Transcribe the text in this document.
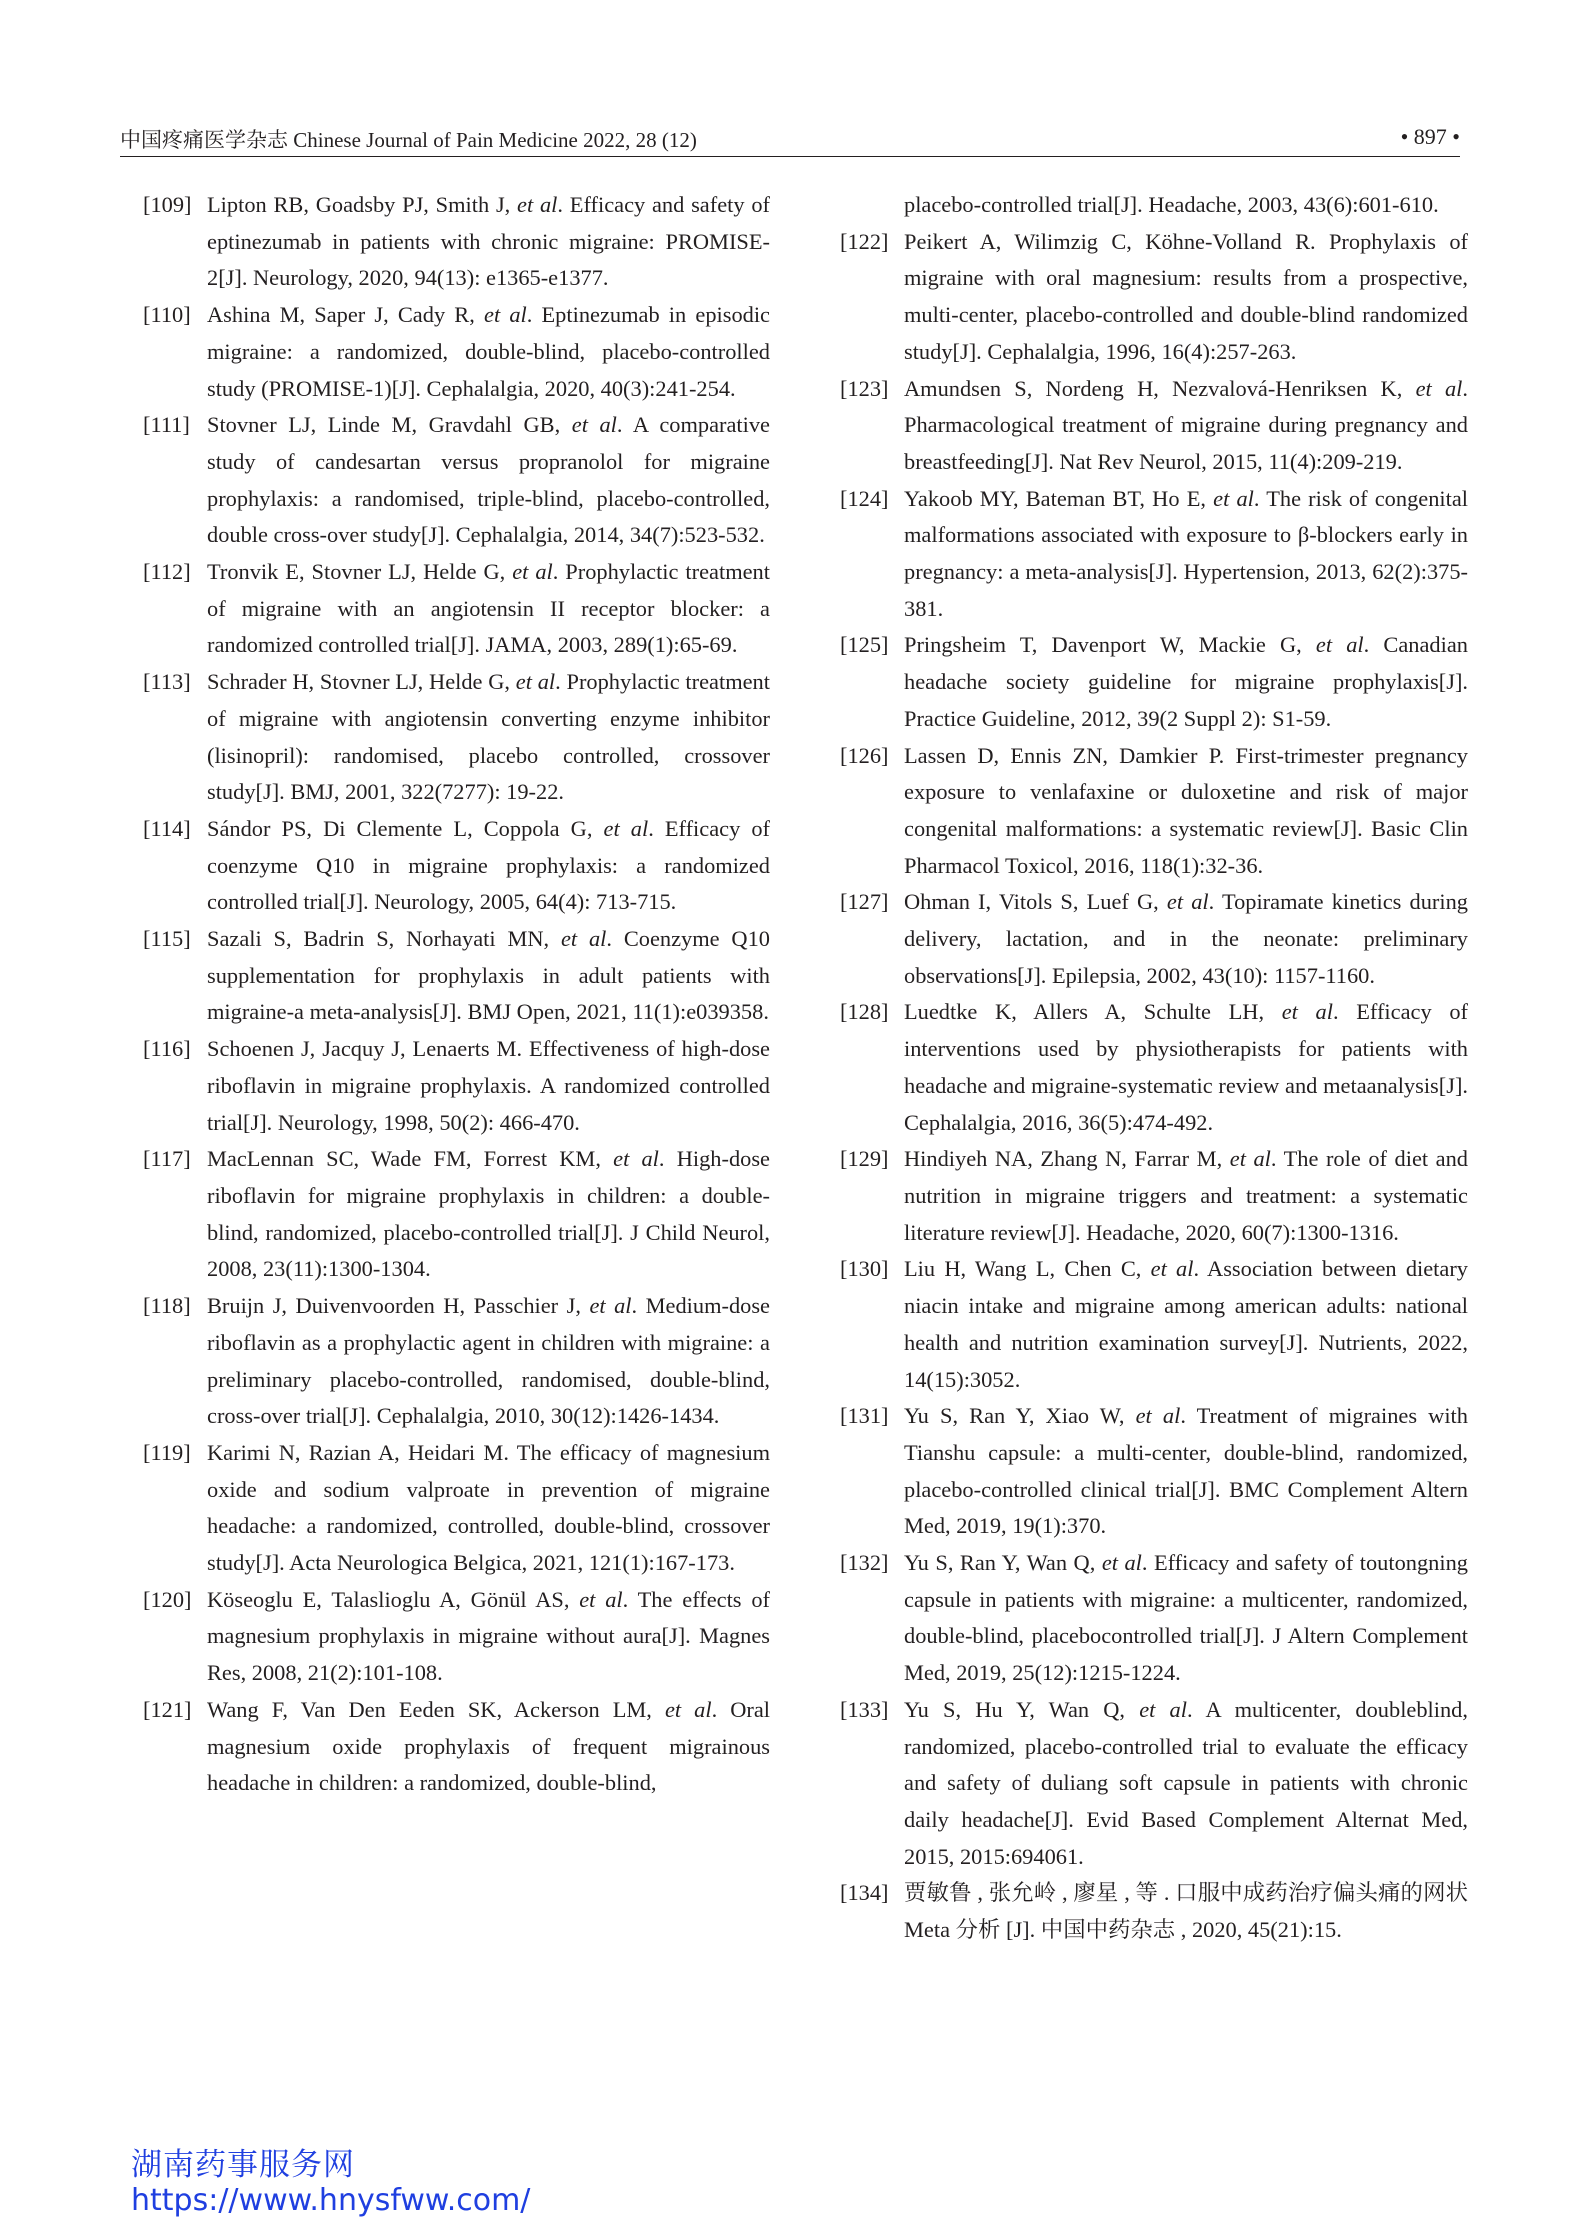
中国疼痛医学杂志 Chinese Journal of Pain Medicine 2022, 28 (12)	• 897 •
[109] Lipton RB, Goadsby PJ, Smith J, et al. Efficacy and safety of eptinezumab in patients with chronic migraine: PROMISE-2[J]. Neurology, 2020, 94(13): e1365-e1377.
[110] Ashina M, Saper J, Cady R, et al. Eptinezumab in episodic migraine: a randomized, double-blind, placebo-controlled study (PROMISE-1)[J]. Cephalalgia, 2020, 40(3):241-254.
[111] Stovner LJ, Linde M, Gravdahl GB, et al. A comparative study of candesartan versus propranolol for migraine prophylaxis: a randomised, triple-blind, placebo-controlled, double cross-over study[J]. Cephalalgia, 2014, 34(7):523-532.
[112] Tronvik E, Stovner LJ, Helde G, et al. Prophylactic treatment of migraine with an angiotensin II receptor blocker: a randomized controlled trial[J]. JAMA, 2003, 289(1):65-69.
[113] Schrader H, Stovner LJ, Helde G, et al. Prophylactic treatment of migraine with angiotensin converting enzyme inhibitor (lisinopril): randomised, placebo controlled, crossover study[J]. BMJ, 2001, 322(7277): 19-22.
[114] Sándor PS, Di Clemente L, Coppola G, et al. Efficacy of coenzyme Q10 in migraine prophylaxis: a randomized controlled trial[J]. Neurology, 2005, 64(4): 713-715.
[115] Sazali S, Badrin S, Norhayati MN, et al. Coenzyme Q10 supplementation for prophylaxis in adult patients with migraine-a meta-analysis[J]. BMJ Open, 2021, 11(1):e039358.
[116] Schoenen J, Jacquy J, Lenaerts M. Effectiveness of high-dose riboflavin in migraine prophylaxis. A randomized controlled trial[J]. Neurology, 1998, 50(2): 466-470.
[117] MacLennan SC, Wade FM, Forrest KM, et al. High-dose riboflavin for migraine prophylaxis in children: a double-blind, randomized, placebo-controlled trial[J]. J Child Neurol, 2008, 23(11):1300-1304.
[118] Bruijn J, Duivenvoorden H, Passchier J, et al. Medium-dose riboflavin as a prophylactic agent in children with migraine: a preliminary placebo-controlled, randomised, double-blind, cross-over trial[J]. Cephalalgia, 2010, 30(12):1426-1434.
[119] Karimi N, Razian A, Heidari M. The efficacy of magnesium oxide and sodium valproate in prevention of migraine headache: a randomized, controlled, double-blind, crossover study[J]. Acta Neurologica Belgica, 2021, 121(1):167-173.
[120] Köseoglu E, Talaslioglu A, Gönül AS, et al. The effects of magnesium prophylaxis in migraine without aura[J]. Magnes Res, 2008, 21(2):101-108.
[121] Wang F, Van Den Eeden SK, Ackerson LM, et al. Oral magnesium oxide prophylaxis of frequent migrainous headache in children: a randomized, double-blind,
placebo-controlled trial[J]. Headache, 2003, 43(6):601-610.
[122] Peikert A, Wilimzig C, Köhne-Volland R. Prophylaxis of migraine with oral magnesium: results from a prospective, multi-center, placebo-controlled and double-blind randomized study[J]. Cephalalgia, 1996, 16(4):257-263.
[123] Amundsen S, Nordeng H, Nezvalová-Henriksen K, et al. Pharmacological treatment of migraine during pregnancy and breastfeeding[J]. Nat Rev Neurol, 2015, 11(4):209-219.
[124] Yakoob MY, Bateman BT, Ho E, et al. The risk of congenital malformations associated with exposure to β-blockers early in pregnancy: a meta-analysis[J]. Hypertension, 2013, 62(2):375-381.
[125] Pringsheim T, Davenport W, Mackie G, et al. Canadian headache society guideline for migraine prophylaxis[J]. Practice Guideline, 2012, 39(2 Suppl 2): S1-59.
[126] Lassen D, Ennis ZN, Damkier P. First-trimester pregnancy exposure to venlafaxine or duloxetine and risk of major congenital malformations: a systematic review[J]. Basic Clin Pharmacol Toxicol, 2016, 118(1):32-36.
[127] Ohman I, Vitols S, Luef G, et al. Topiramate kinetics during delivery, lactation, and in the neonate: preliminary observations[J]. Epilepsia, 2002, 43(10): 1157-1160.
[128] Luedtke K, Allers A, Schulte LH, et al. Efficacy of interventions used by physiotherapists for patients with headache and migraine-systematic review and metaanalysis[J]. Cephalalgia, 2016, 36(5):474-492.
[129] Hindiyeh NA, Zhang N, Farrar M, et al. The role of diet and nutrition in migraine triggers and treatment: a systematic literature review[J]. Headache, 2020, 60(7):1300-1316.
[130] Liu H, Wang L, Chen C, et al. Association between dietary niacin intake and migraine among american adults: national health and nutrition examination survey[J]. Nutrients, 2022, 14(15):3052.
[131] Yu S, Ran Y, Xiao W, et al. Treatment of migraines with Tianshu capsule: a multi-center, double-blind, randomized, placebo-controlled clinical trial[J]. BMC Complement Altern Med, 2019, 19(1):370.
[132] Yu S, Ran Y, Wan Q, et al. Efficacy and safety of toutongning capsule in patients with migraine: a multicenter, randomized, double-blind, placebocontrolled trial[J]. J Altern Complement Med, 2019, 25(12):1215-1224.
[133] Yu S, Hu Y, Wan Q, et al. A multicenter, doubleblind, randomized, placebo-controlled trial to evaluate the efficacy and safety of duliang soft capsule in patients with chronic daily headache[J]. Evid Based Complement Alternat Med, 2015, 2015:694061.
[134] 贾敏鲁 , 张允岭 , 廖星 , 等 . 口服中成药治疗偏头痛的网状 Meta 分析 [J]. 中国中药杂志 , 2020, 45(21):15.
湖南药事服务网
https://www.hnysfww.com/
